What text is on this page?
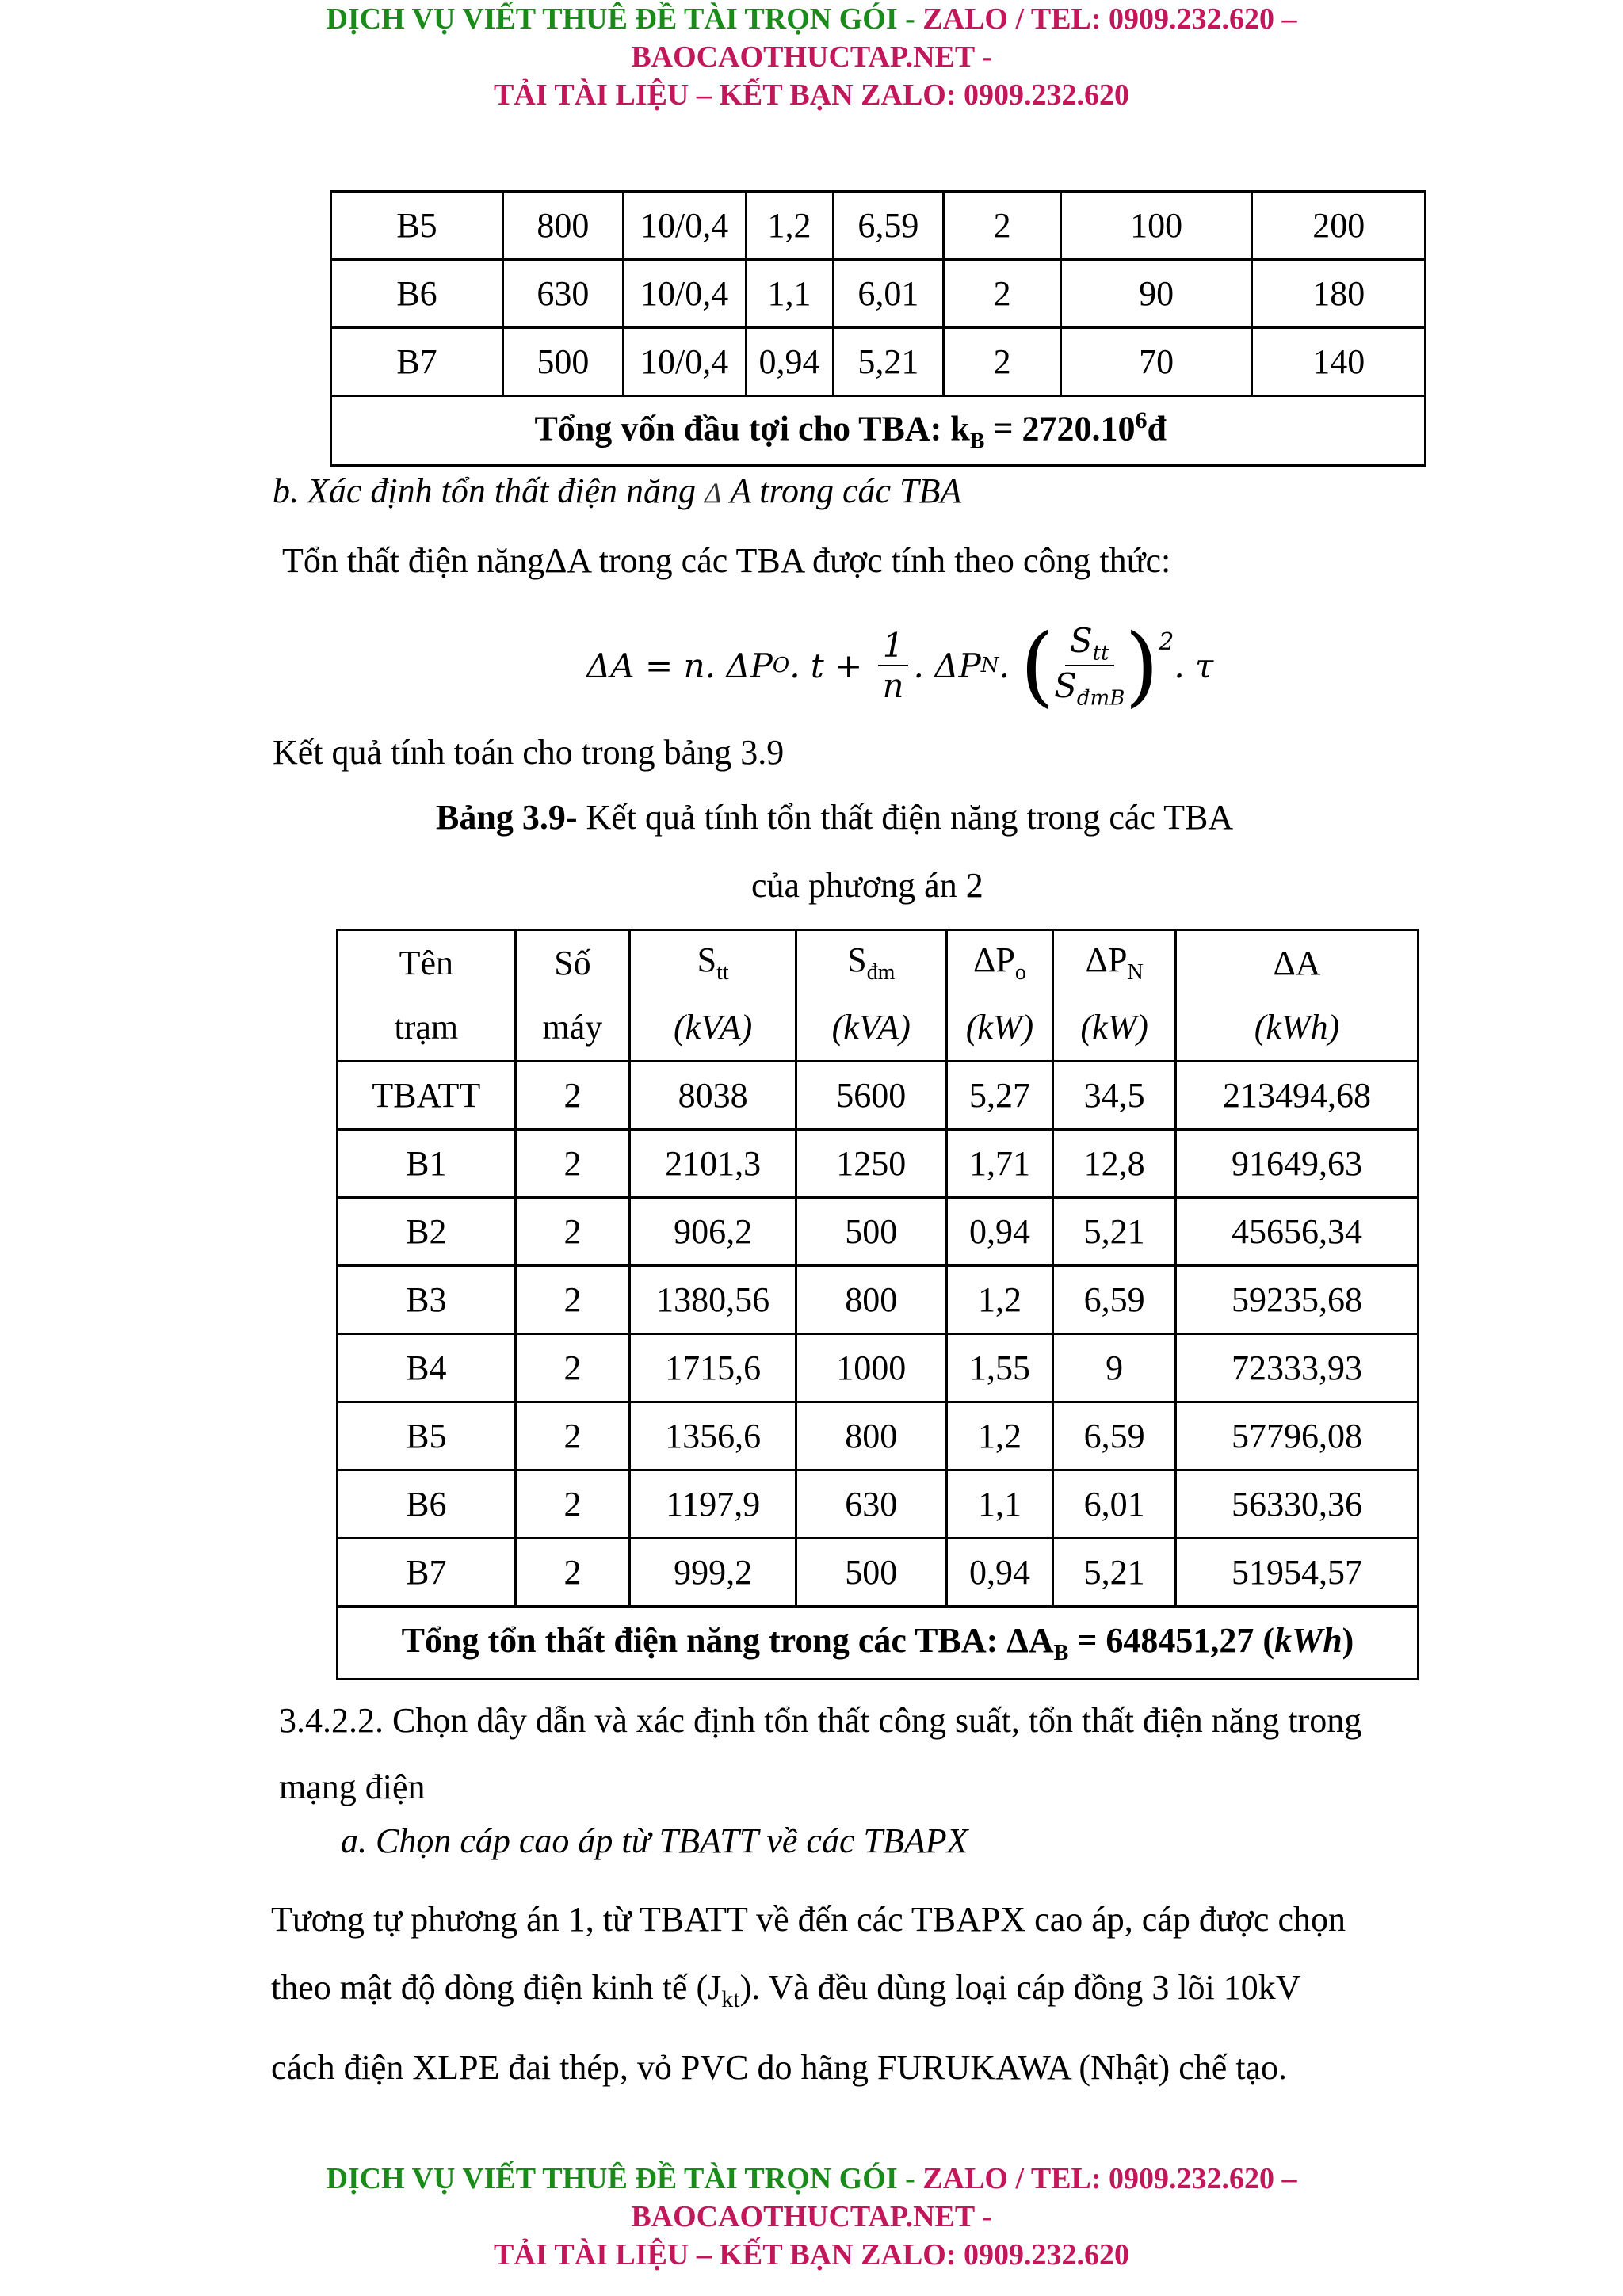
DỊCH VỤ VIẾT THUÊ ĐỀ TÀI TRỌN GÓI - ZALO / TEL: 0909.232.620 –
BAOCAOTHUCTAP.NET -
TẢI TÀI LIỆU – KẾT BẠN ZALO: 0909.232.620
B5	800	10/0,4	1,2	6,59	2	100	200
B6	630	10/0,4	1,1	6,01	2	90	180
B7	500	10/0,4	0,94	5,21	2	70	140
	Tổng vốn đầu tợi cho TBA: $k_B$ = $2720.10^6đ$						
b. Xác định tổn thất điện năng Δ A trong các TBA
Tổn thất điện năngΔA trong các TBA được tính theo công thức:
ΔA = n. ΔP O . $t + \frac{1}{n}$ . ΔP N . ( $S_{tt}$
$S_{đmB}$ )$^2$
. τ
Kết quả tính toán cho trong bảng 3.9
Bảng 3.9- Kết quả tính tổn thất điện năng trong các TBA
của phương án 2
Tên	Số	$S_{tt}$	$S_{đm}$	$\Delta P_o$	$\Delta P_N$	ΔA
trạm	máy	(kVA)	(kVA)	(kW)	(kW)	(kWh)
TBATT	2	8038	5600	5,27	34,5	213494,68
B1	2	2101,3	1250	1,71	12,8	91649,63
B2	2	906,2	500	0,94	5,21	45656,34
B3	2	1380,56	800	1,2	6,59	59235,68
B4	2	1715,6	1000	1,55	9	72333,93
B5	2	1356,6	800	1,2	6,59	57796,08
B6	2	1197,9	630	1,1	6,01	56330,36
B7	2	999,2	500	0,94	5,21	51954,57
Tổng tổn thất điện năng trong các TBA: $\Delta A_B = 648451,27$ (kWh)						
3.4.2.2. Chọn dây dẫn và xác định tổn thất công suất, tổn thất điện năng trong
mạng điện
a. Chọn cáp cao áp từ TBATT về các TBAPX
Tương tự phương án 1, từ TBATT về đến các TBAPX cao áp, cáp được chọn
theo mật độ dòng điện kinh tế $(J_{kt})$. Và đều dùng loại cáp đồng 3 lõi 10kV
cách điện XLPE đai thép, vỏ PVC do hãng FURUKAWA (Nhật) chế tạo.
DỊCH VỤ VIẾT THUÊ ĐỀ TÀI TRỌN GÓI - ZALO / TEL: 0909.232.620 –
BAOCAOTHUCTAP.NET -
TẢI TÀI LIỆU – KẾT BẠN ZALO: 0909.232.620
